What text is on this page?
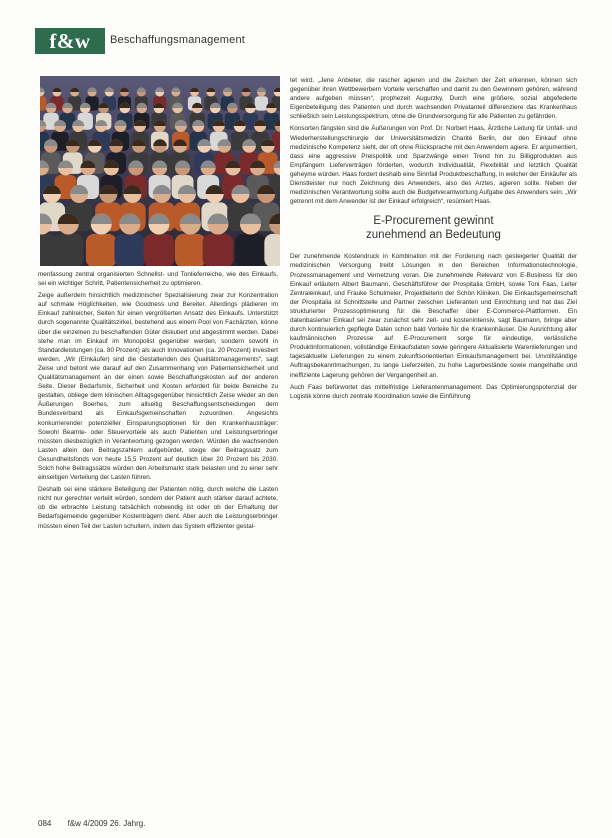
f&w	Beschaffungsmanagement

menfassung zentral organisierten Schnellst- und Tonlieferreiche, wie des Einkaufs, sei ein wichtiger Schritt, Patientensicherheit zu optimieren.

Zeige außerdem hinsichtlich medizinischer Spezialisierung zwar zur Konzentration auf schmale Höglichkeiten, wie Goodness und Bereiter. Allerdings plädieren im Einkauf zahlreicher, Seiten für einen vergrößerten Ansatz des Einkaufs. Unterstützt durch sogenannte Qualitätszirkel, bestehend aus einem Pool von Fachärzten, könne über die einzelnen zu beschaffenden Güter diskutiert und abgestimmt werden. Dabei stehe man im Einkauf im Monopolist gegenüber werden, sondern sowohl in Standardleistungen (ca. 80 Prozent) als auch Innovationen (ca. 20 Prozent) investiert werden. „Wir (Einkäufer) sind die Gestaltenden des Qualitätsmanagements“, sagt Zeise und betont wie darauf auf den Zusammenhang von Patientensicherheit und Qualitätsmanagement an der einen sowie Beschaffungskosten auf der anderen Seite. Dieser Bedarfsmix, Sicherheit und Kosten erfordert für beide Bereiche zu gestalten, obliege dem klinischen Alltagsgegenüber hinsichtlich Zeise wieder an den Äußerungen Boerhes, zum allseitig Beschaffungsentscheidungen dem Bundesverband als Einkaufsgemeinschaften zuzuordnen. Angesichts konkurrierender potenzieller Einsparungsoptionen für den Krankenhausträger: Sowohl Beamte- oder Steuervorteile als auch Patienten und Leistungserbringer müssten diesbezüglich in Verantwortung gezogen werden. Würden die wachsenden Lasten allein den Beitragszahlern aufgebürdet, steige der Beitragssatz zum Gesundheitsfonds von heute 15,5 Prozent auf deutlich über 20 Prozent bis 2030. Solch hohe Beitragssätze würden den Arbeitsmarkt stark belasten und zu einer sehr einseitigen Verteilung der Lasten führen.

Deshalb sei eine stärkere Beteiligung der Patienten nötig, durch welche die Lasten nicht nur gerechter verteilt würden, sondern der Patient auch stärker darauf achtete, ob die erbrachte Leistung tatsächlich notwendig ist oder ob der Erhaltung der Bedarfsgemeinde gegenüber Kostenträgern dient. Aber auch die Leistungserbringer müssten einen Teil der Lasten schultern, indem das System effizienter gestal-

tet wird. „Jene Anbieter, die rascher agieren und die Zeichen der Zeit erkennen, können sich gegenüber ihren Wettbewerbern Vorteile verschaffen und damit zu den Gewinnern gehören, während andere aufgeben müssen“, prophezeit Augurzky. Durch eine größere, sozial abgefederte Eigenbeteiligung des Patienten und durch wachsenden Privatanteil differenziere das Krankenhaus schließlich sein Leistungsspektrum, ohne die Grundversorgung für alle Patienten zu gefährden.

Konsorten fängsten sind die Äußerungen von Prof. Dr. Norbert Haas, Ärztliche Leitung für Unfall- und Wiederherstellungschirurgie der Universitätsmedizin Charité Berlin, der den Einkauf ohne medizinische Kompetenz sieht, der oft ohne Rücksprache mit den Anwendern agiere. Er argumentiert, dass eine aggressive Preispolitik und Sparzwänge einen Trend hin zu Billigprodukten aus Empfängern Lieferverträgen förderten, wodurch Individualität, Flexibilität und letztlich Qualität geheyme würden. Haas fordert deshalb eine Sinnfall Produktbeschaffung, in welcher der Einkäufer als Dienstleister nur noch Zeichnung des Anwenders, also des Arztes, agieren sollte. Neben der medizinischen Verantwortung sollte auch die Budgetverantwortung Aufgabe des Anwenders sein. „Wir getrennt mit dem Anwender ist der Einkauf erfolgreich“, resümiert Haas.

E-Procurement gewinnt
zunehmend an Bedeutung

Der zunehmende Kostendruck in Kombination mit der Forderung nach gesteigerter Qualität der medizinischen Versorgung treibt Lösungen in den Bereichen Informationstechnologie, Prozessmanagement und Vernetzung voran. Die zunehmende Relevanz von E-Business für den Einkauf erläutern Albert Baumann, Geschäftsführer der Prospitalia GmbH, sowie Toni Faas, Leiter Zentraleinkauf, und Frauke Schulmeier, Projektleiterin der Schön Kliniken. Die Einkaufsgemeinschaft der Prospitalia ist Schnittstelle und Partner zwischen Lieferanten und Einrichtung und hat das Ziel strukturierter Prozessoptimierung für die Beschaffer über E-Commerce-Plattformen. Ein datenbasierter Einkauf sei zwar zunächst sehr zeit- und kostenintensiv, sagt Baumann, bringe aber durch kontinuierlich gepflegte Daten schon bald Vorteile für die Krankenhäuser. Die Ausrichtung aller kaufmännischen Prozesse auf E-Procurement sorge für eindeutige, verlässliche Produktinformationen, vollständige Einkaufsdaten sowie geringere Aktualisierte Warenlieferungen und tagesaktuelle Lieferungen zu einem zukunftsorientierten Einkaufsmanagement bei. Unvollständige Auftragsbekanntmachungen, zu lange Lieferzeiten, zu hohe Lagerbestände sowie mangelhafte und ineffiziente Lagerung gehören der Vergangenheit an.

Auch Faas befürwortet das mittelfristige Lieferantenmanagement. Das Optimierungspotenzial der Logistik könne durch zentrale Koordination sowie die Einführung

084 f&w 4/2009 26. Jahrg.
